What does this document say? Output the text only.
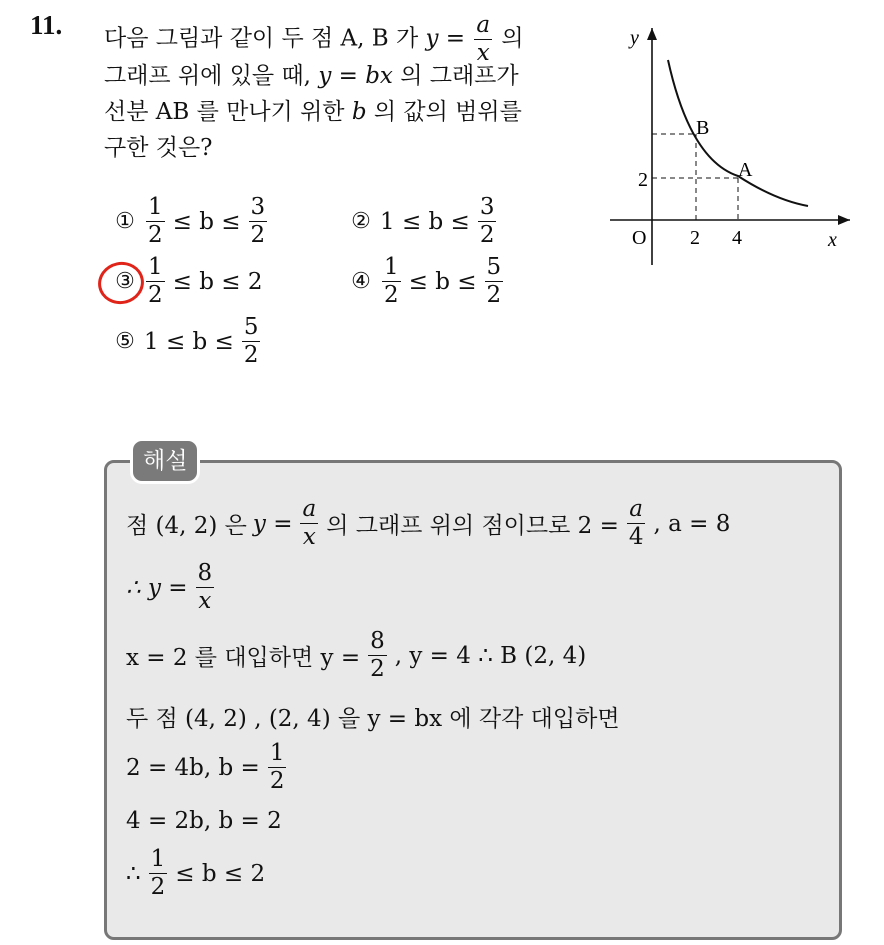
11. 다음 그림과 같이 두 점 A, B 가 $y = \frac{a}{x}$ 의
그래프 위에 있을 때, y = bx 의 그래프가
선분 AB 를 만나기 위한 b 의 값의 범위를
구한 것은?
① $\frac{1}{2} \le b \le \frac{3}{2}$	② $1 \le b \le \frac{3}{2}$
③ $\frac{1}{2} \le b \le 2$	④ $\frac{1}{2} \le b \le \frac{5}{2}$
⑤ $1 \le b \le \frac{5}{2}$
y
x
O
B
A
2 4
2
해설
점 (4, 2) 은 $y = \frac{a}{x}$ 의 그래프 위의 점이므로 $2 = \frac{a}{4}$ , a = 8
∴ $y = \frac{8}{x}$
x = 2 를 대입하면 $y = \frac{8}{2}$ , y = 4 ∴ B (2, 4)
두 점 (4, 2) , (2, 4) 을 y = bx 에 각각 대입하면
2 = 4b, $b = \frac{1}{2}$
4 = 2b, b = 2
∴ $\frac{1}{2} \le b \le 2$
